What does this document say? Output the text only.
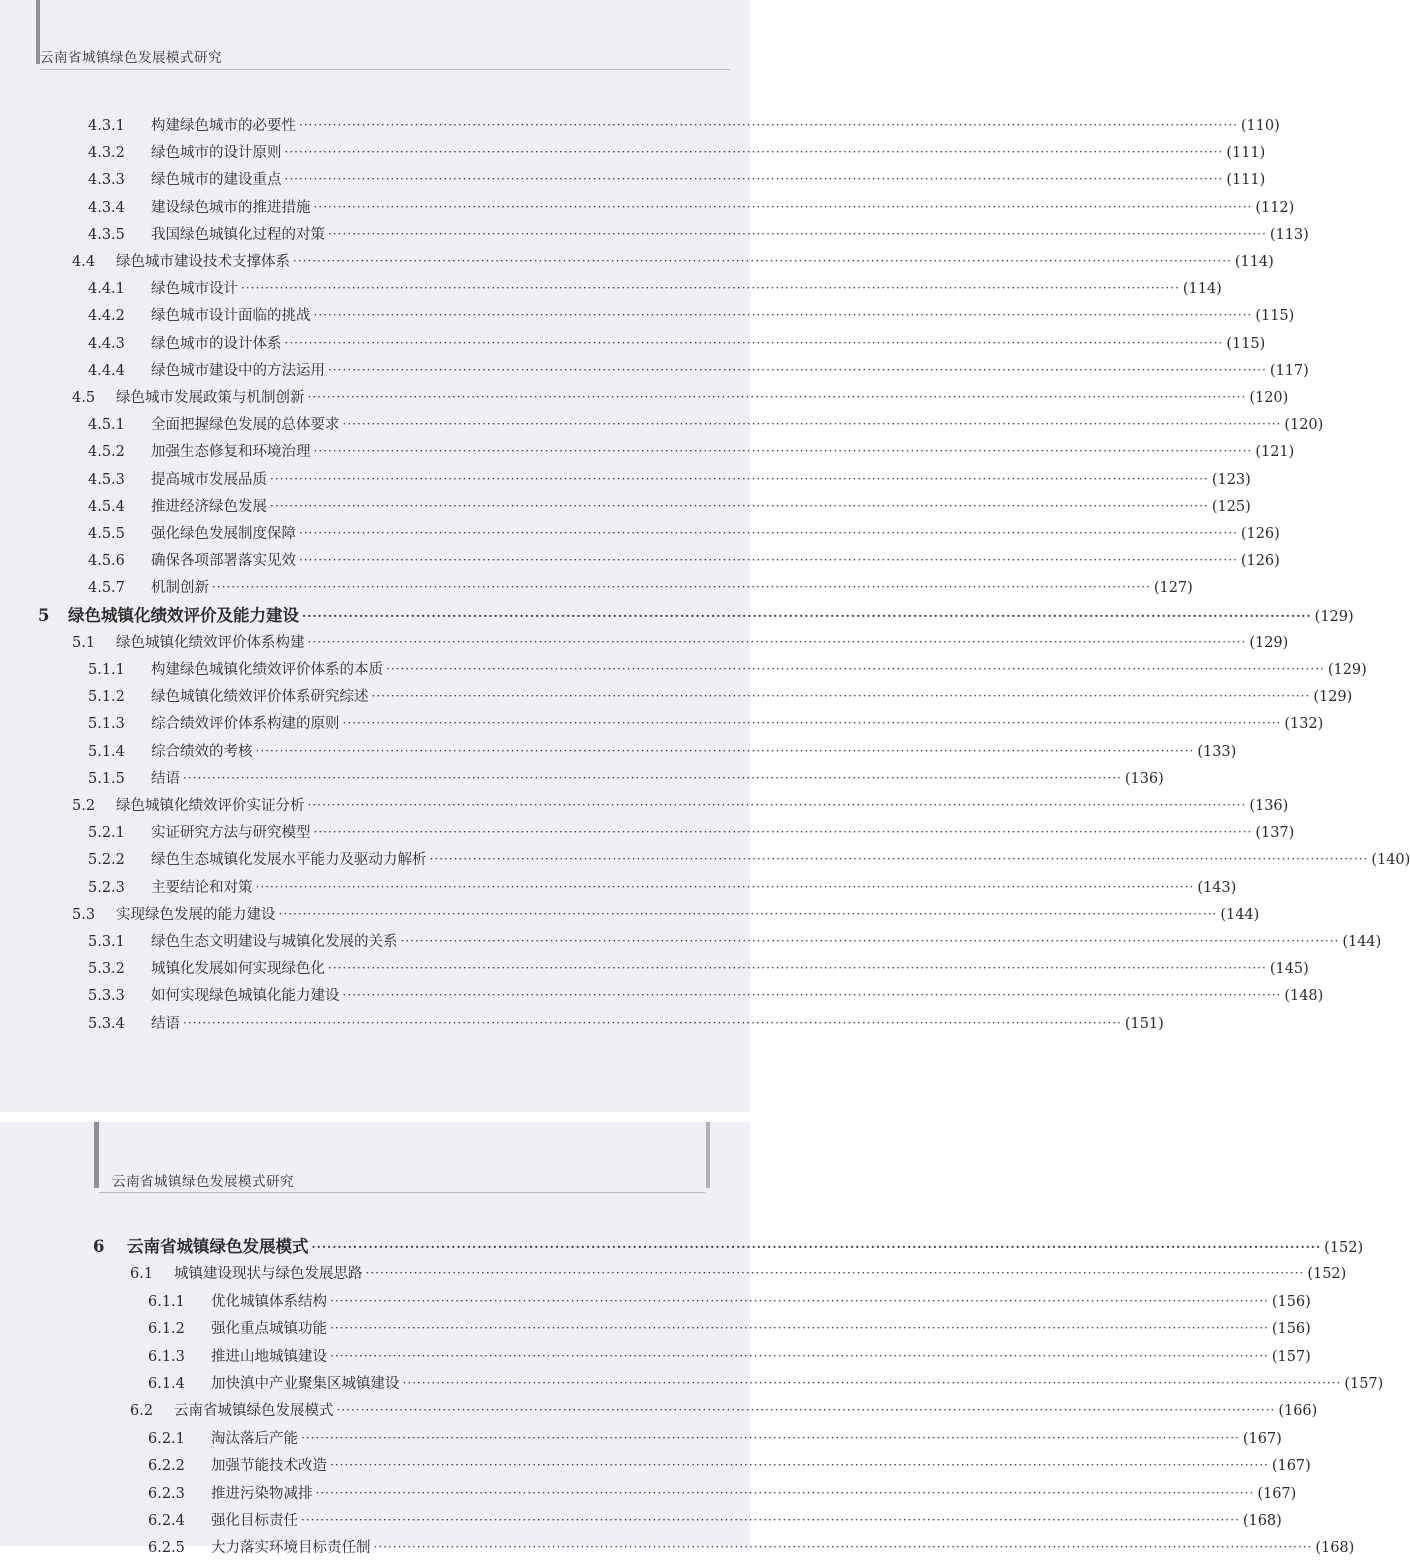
云南省城镇绿色发展模式研究
4.3.1	构建绿色城市的必要性 ·····	(110)
4.3.2	绿色城市的设计原则 ·····	(111)
4.3.3	绿色城市的建设重点 ·····	(111)
4.3.4	建设绿色城市的推进措施 ·····	(112)
4.3.5	我国绿色城镇化过程的对策 ·····	(113)
4.4	绿色城市建设技术支撑体系 ·····	(114)
4.4.1	绿色城市设计 ·····	(114)
4.4.2	绿色城市设计面临的挑战 ·····	(115)
4.4.3	绿色城市的设计体系 ·····	(115)
4.4.4	绿色城市建设中的方法运用 ·····	(117)
4.5	绿色城市发展政策与机制创新 ·····	(120)
4.5.1	全面把握绿色发展的总体要求 ·····	(120)
4.5.2	加强生态修复和环境治理 ·····	(121)
4.5.3	提高城市发展品质 ·····	(123)
4.5.4	推进经济绿色发展 ·····	(125)
4.5.5	强化绿色发展制度保障 ·····	(126)
4.5.6	确保各项部署落实见效 ·····	(126)
4.5.7	机制创新 ·····	(127)
5	绿色城镇化绩效评价及能力建设 ·····	(129)
5.1	绿色城镇化绩效评价体系构建 ·····	(129)
5.1.1	构建绿色城镇化绩效评价体系的本质 ·····	(129)
5.1.2	绿色城镇化绩效评价体系研究综述 ·····	(129)
5.1.3	综合绩效评价体系构建的原则 ·····	(132)
5.1.4	综合绩效的考核 ·····	(133)
5.1.5	结语 ·····	(136)
5.2	绿色城镇化绩效评价实证分析 ·····	(136)
5.2.1	实证研究方法与研究模型 ·····	(137)
5.2.2	绿色生态城镇化发展水平能力及驱动力解析 ·····	(140)
5.2.3	主要结论和对策 ·····	(143)
5.3	实现绿色发展的能力建设 ·····	(144)
5.3.1	绿色生态文明建设与城镇化发展的关系 ·····	(144)
5.3.2	城镇化发展如何实现绿色化 ·····	(145)
5.3.3	如何实现绿色城镇化能力建设 ·····	(148)
5.3.4	结语 ·····	(151)
云南省城镇绿色发展模式研究
6	云南省城镇绿色发展模式 ·····	(152)
6.1	城镇建设现状与绿色发展思路 ·····	(152)
6.1.1	优化城镇体系结构 ·····	(156)
6.1.2	强化重点城镇功能 ·····	(156)
6.1.3	推进山地城镇建设 ·····	(157)
6.1.4	加快滇中产业聚集区城镇建设 ·····	(157)
6.2	云南省城镇绿色发展模式 ·····	(166)
6.2.1	淘汰落后产能 ·····	(167)
6.2.2	加强节能技术改造 ·····	(167)
6.2.3	推进污染物减排 ·····	(167)
6.2.4	强化目标责任 ·····	(168)
6.2.5	大力落实环境目标责任制 ·····	(168)
